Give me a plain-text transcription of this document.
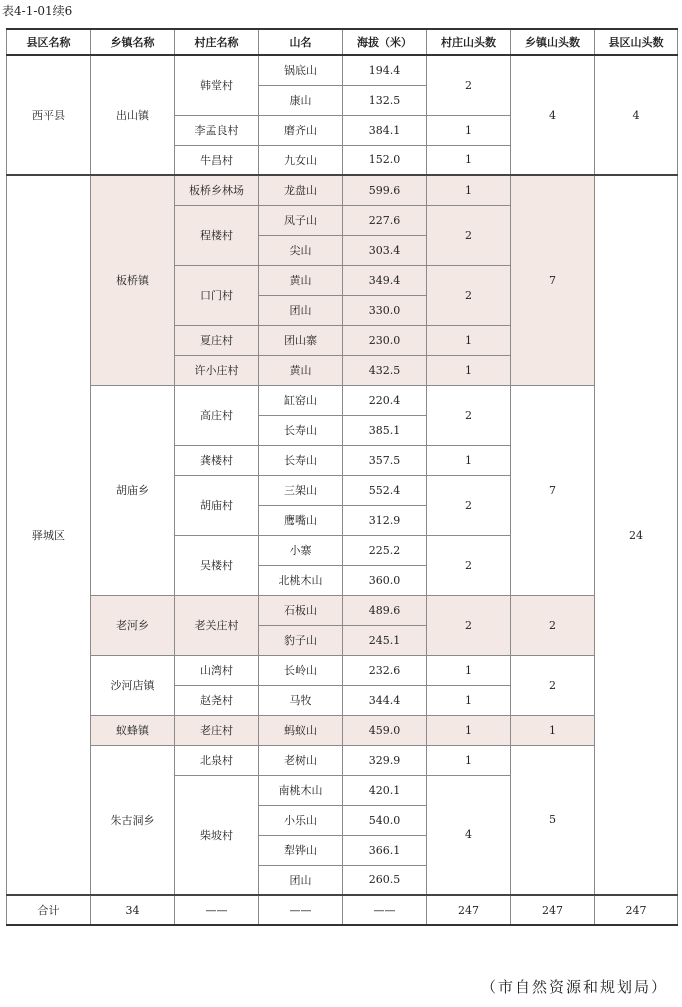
表4-1-01续6
县区名称	乡镇名称	村庄名称	山名	海拔（米）	村庄山头数	乡镇山头数	县区山头数
西平县	出山镇	韩堂村	锅底山	194.4	2	4	4
			康山	132.5			
		李孟良村	磨齐山	384.1	1		
		牛昌村	九女山	152.0	1		
驿城区	板桥镇	板桥乡林场	龙盘山	599.6	1	7	24
		程楼村	凤子山	227.6	2		
			尖山	303.4			
		口门村	黄山	349.4	2		
			团山	330.0			
		夏庄村	团山寨	230.0	1		
		许小庄村	黄山	432.5	1		
	胡庙乡	高庄村	缸窑山	220.4	2	7	
			长寿山	385.1			
		龚楼村	长寿山	357.5	1		
		胡庙村	三架山	552.4	2		
			鹰嘴山	312.9			
		吴楼村	小寨	225.2	2		
			北桃木山	360.0			
	老河乡	老关庄村	石板山	489.6	2	2	
			豹子山	245.1			
	沙河店镇	山湾村	长岭山	232.6	1	2	
		赵尧村	马牧	344.4	1		
	蚁蜂镇	老庄村	蚂蚁山	459.0	1	1	
	朱古洞乡	北泉村	老树山	329.9	1	5	
		柴坡村	南桃木山	420.1	4		
			小乐山	540.0			
			犁铧山	366.1			
			团山	260.5			
合计	34	——	——	——	247	247	247
（市自然资源和规划局）
